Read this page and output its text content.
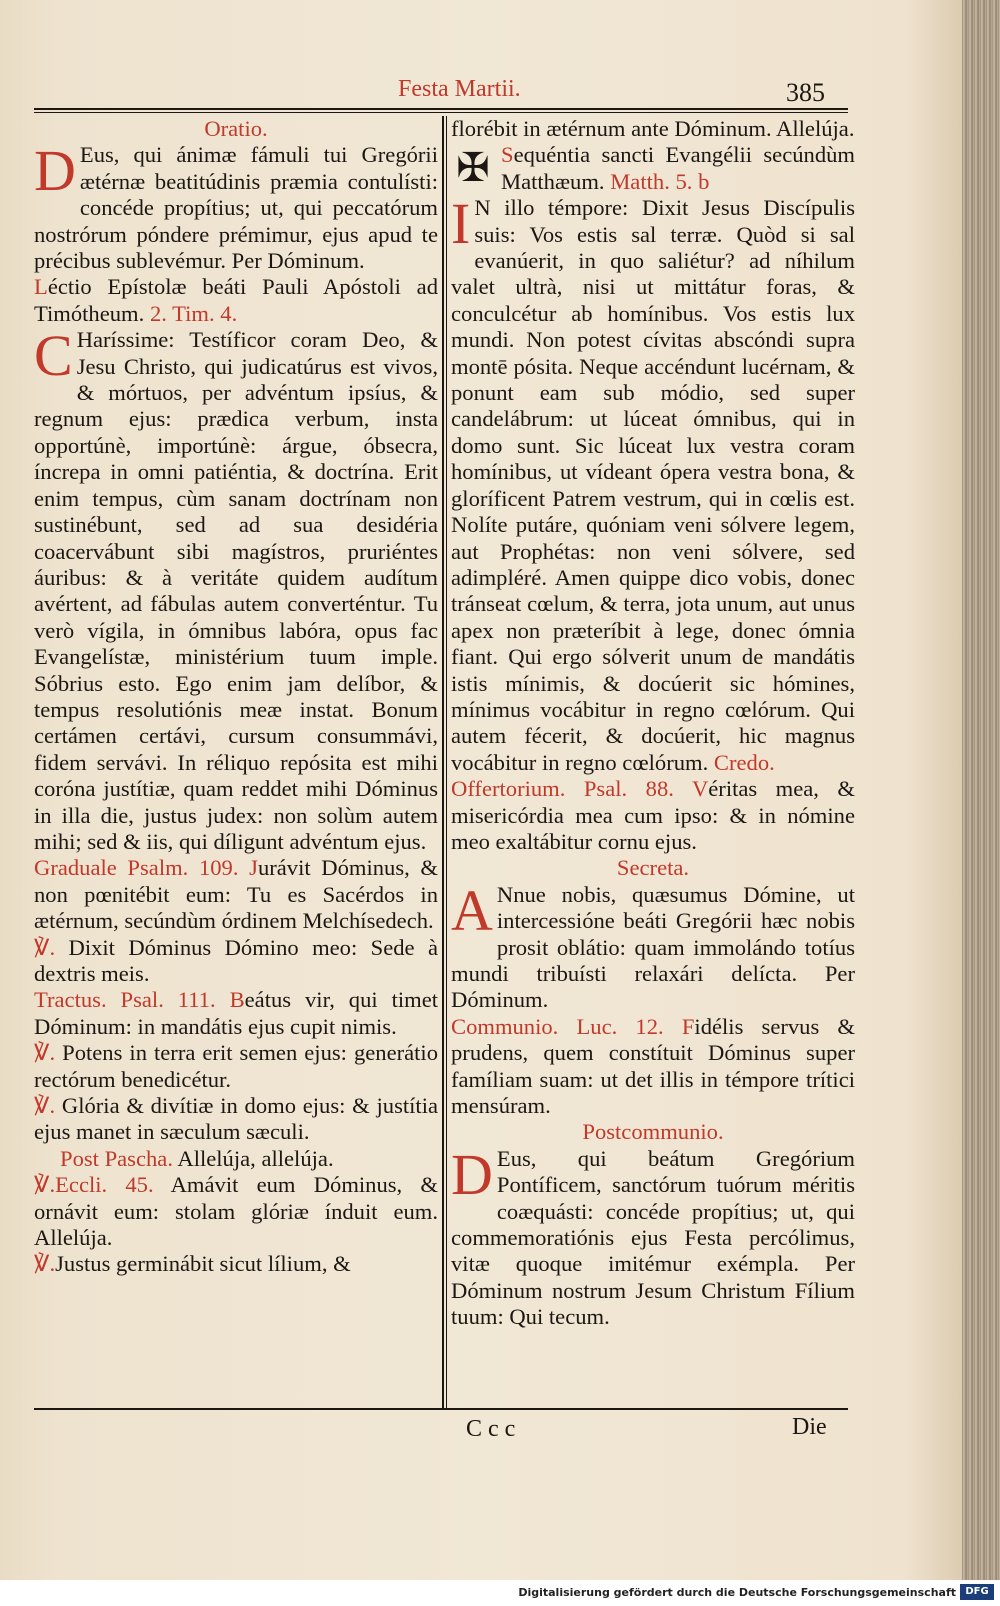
Festa Martii.	385

Oratio.

D Eus, qui ánimæ fámuli tui Gregórii ætérnæ beatitúdinis præmia contulísti: concéde propítius; ut, qui peccatórum nostrórum póndere prémimur, ejus apud te précibus sublevémur. Per Dóminum.

Léctio Epístolæ beáti Pauli Apóstoli ad Timótheum. 2. Tim. 4.

C Haríssime: Testíficor coram Deo, & Jesu Christo, qui judicatúrus est vivos, & mórtuos, per advéntum ipsíus, & regnum ejus: prædica verbum, insta opportúnè, importúnè: árgue, óbsecra, íncrepa in omni patiéntia, & doctrína. Erit enim tempus, cùm sanam doctrínam non sustinébunt, sed ad sua desidéria coacervábunt sibi magístros, pruriéntes áuribus: & à veritáte quidem audítum avértent, ad fábulas autem converténtur. Tu verò vígila, in ómnibus labóra, opus fac Evangelístæ, ministérium tuum imple. Sóbrius esto. Ego enim jam delíbor, & tempus resolutiónis meæ instat. Bonum certámen certávi, cursum consummávi, fidem servávi. In réliquo repósita est mihi coróna justítiæ, quam reddet mihi Dóminus in illa die, justus judex: non solùm autem mihi; sed & iis, qui díligunt advéntum ejus.

Graduale Psalm. 109. Jurávit Dóminus, & non pœnitébit eum: Tu es Sacérdos in ætérnum, secúndùm órdinem Melchísedech.

℣. Dixit Dóminus Dómino meo: Sede à dextris meis.

Tractus. Psal. 111. Beátus vir, qui timet Dóminum: in mandátis ejus cupit nimis.

℣. Potens in terra erit semen ejus: generátio rectórum benedicétur.

℣. Glória & divítiæ in domo ejus: & justítia ejus manet in sæculum sæculi.

Post Pascha. Allelúja, allelúja.

℣.Eccli. 45. Amávit eum Dóminus, & ornávit eum: stolam glóriæ índuit eum. Allelúja.

℣.Justus germinábit sicut lílium, &

florébit in ætérnum ante Dóminum. Allelúja.

✠ Sequéntia sancti Evangélii secúndùm Matthæum. Matth. 5. b

I N illo témpore: Dixit Jesus Discípulis suis: Vos estis sal terræ. Quòd si sal evanúerit, in quo saliétur? ad níhilum valet ultrà, nisi ut mittátur foras, & conculcétur ab homínibus. Vos estis lux mundi. Non potest cívitas abscóndi supra montē pósita. Neque accéndunt lucérnam, & ponunt eam sub módio, sed super candelábrum: ut lúceat ómnibus, qui in domo sunt. Sic lúceat lux vestra coram homínibus, ut vídeant ópera vestra bona, & gloríficent Patrem vestrum, qui in cœlis est. Nolíte putáre, quóniam veni sólvere legem, aut Prophétas: non veni sólvere, sed adimpléré. Amen quippe dico vobis, donec tránseat cœlum, & terra, jota unum, aut unus apex non præteríbit à lege, donec ómnia fiant. Qui ergo sólverit unum de mandátis istis mínimis, & docúerit sic hómines, mínimus vocábitur in regno cœlórum. Qui autem fécerit, & docúerit, hic magnus vocábitur in regno cœlórum. Credo.

Offertorium. Psal. 88. Véritas mea, & misericórdia mea cum ipso: & in nómine meo exaltábitur cornu ejus.

Secreta.

A Nnue nobis, quæsumus Dómine, ut intercessióne beáti Gregórii hæc nobis prosit oblátio: quam immolándo totíus mundi tribuísti relaxári delícta. Per Dóminum.

Communio. Luc. 12. Fidélis servus & prudens, quem constítuit Dóminus super famíliam suam: ut det illis in témpore trítici mensúram.

Postcommunio.

D Eus, qui beátum Gregórium Pontíficem, sanctórum tuórum méritis coæquásti: concéde propítius; ut, qui commemoratiónis ejus Festa percólimus, vitæ quoque imitémur exémpla. Per Dóminum nostrum Jesum Christum Fílium tuum: Qui tecum.

Ccc	Die
Digitalisierung gefördert durch die Deutsche Forschungsgemeinschaft DFG
